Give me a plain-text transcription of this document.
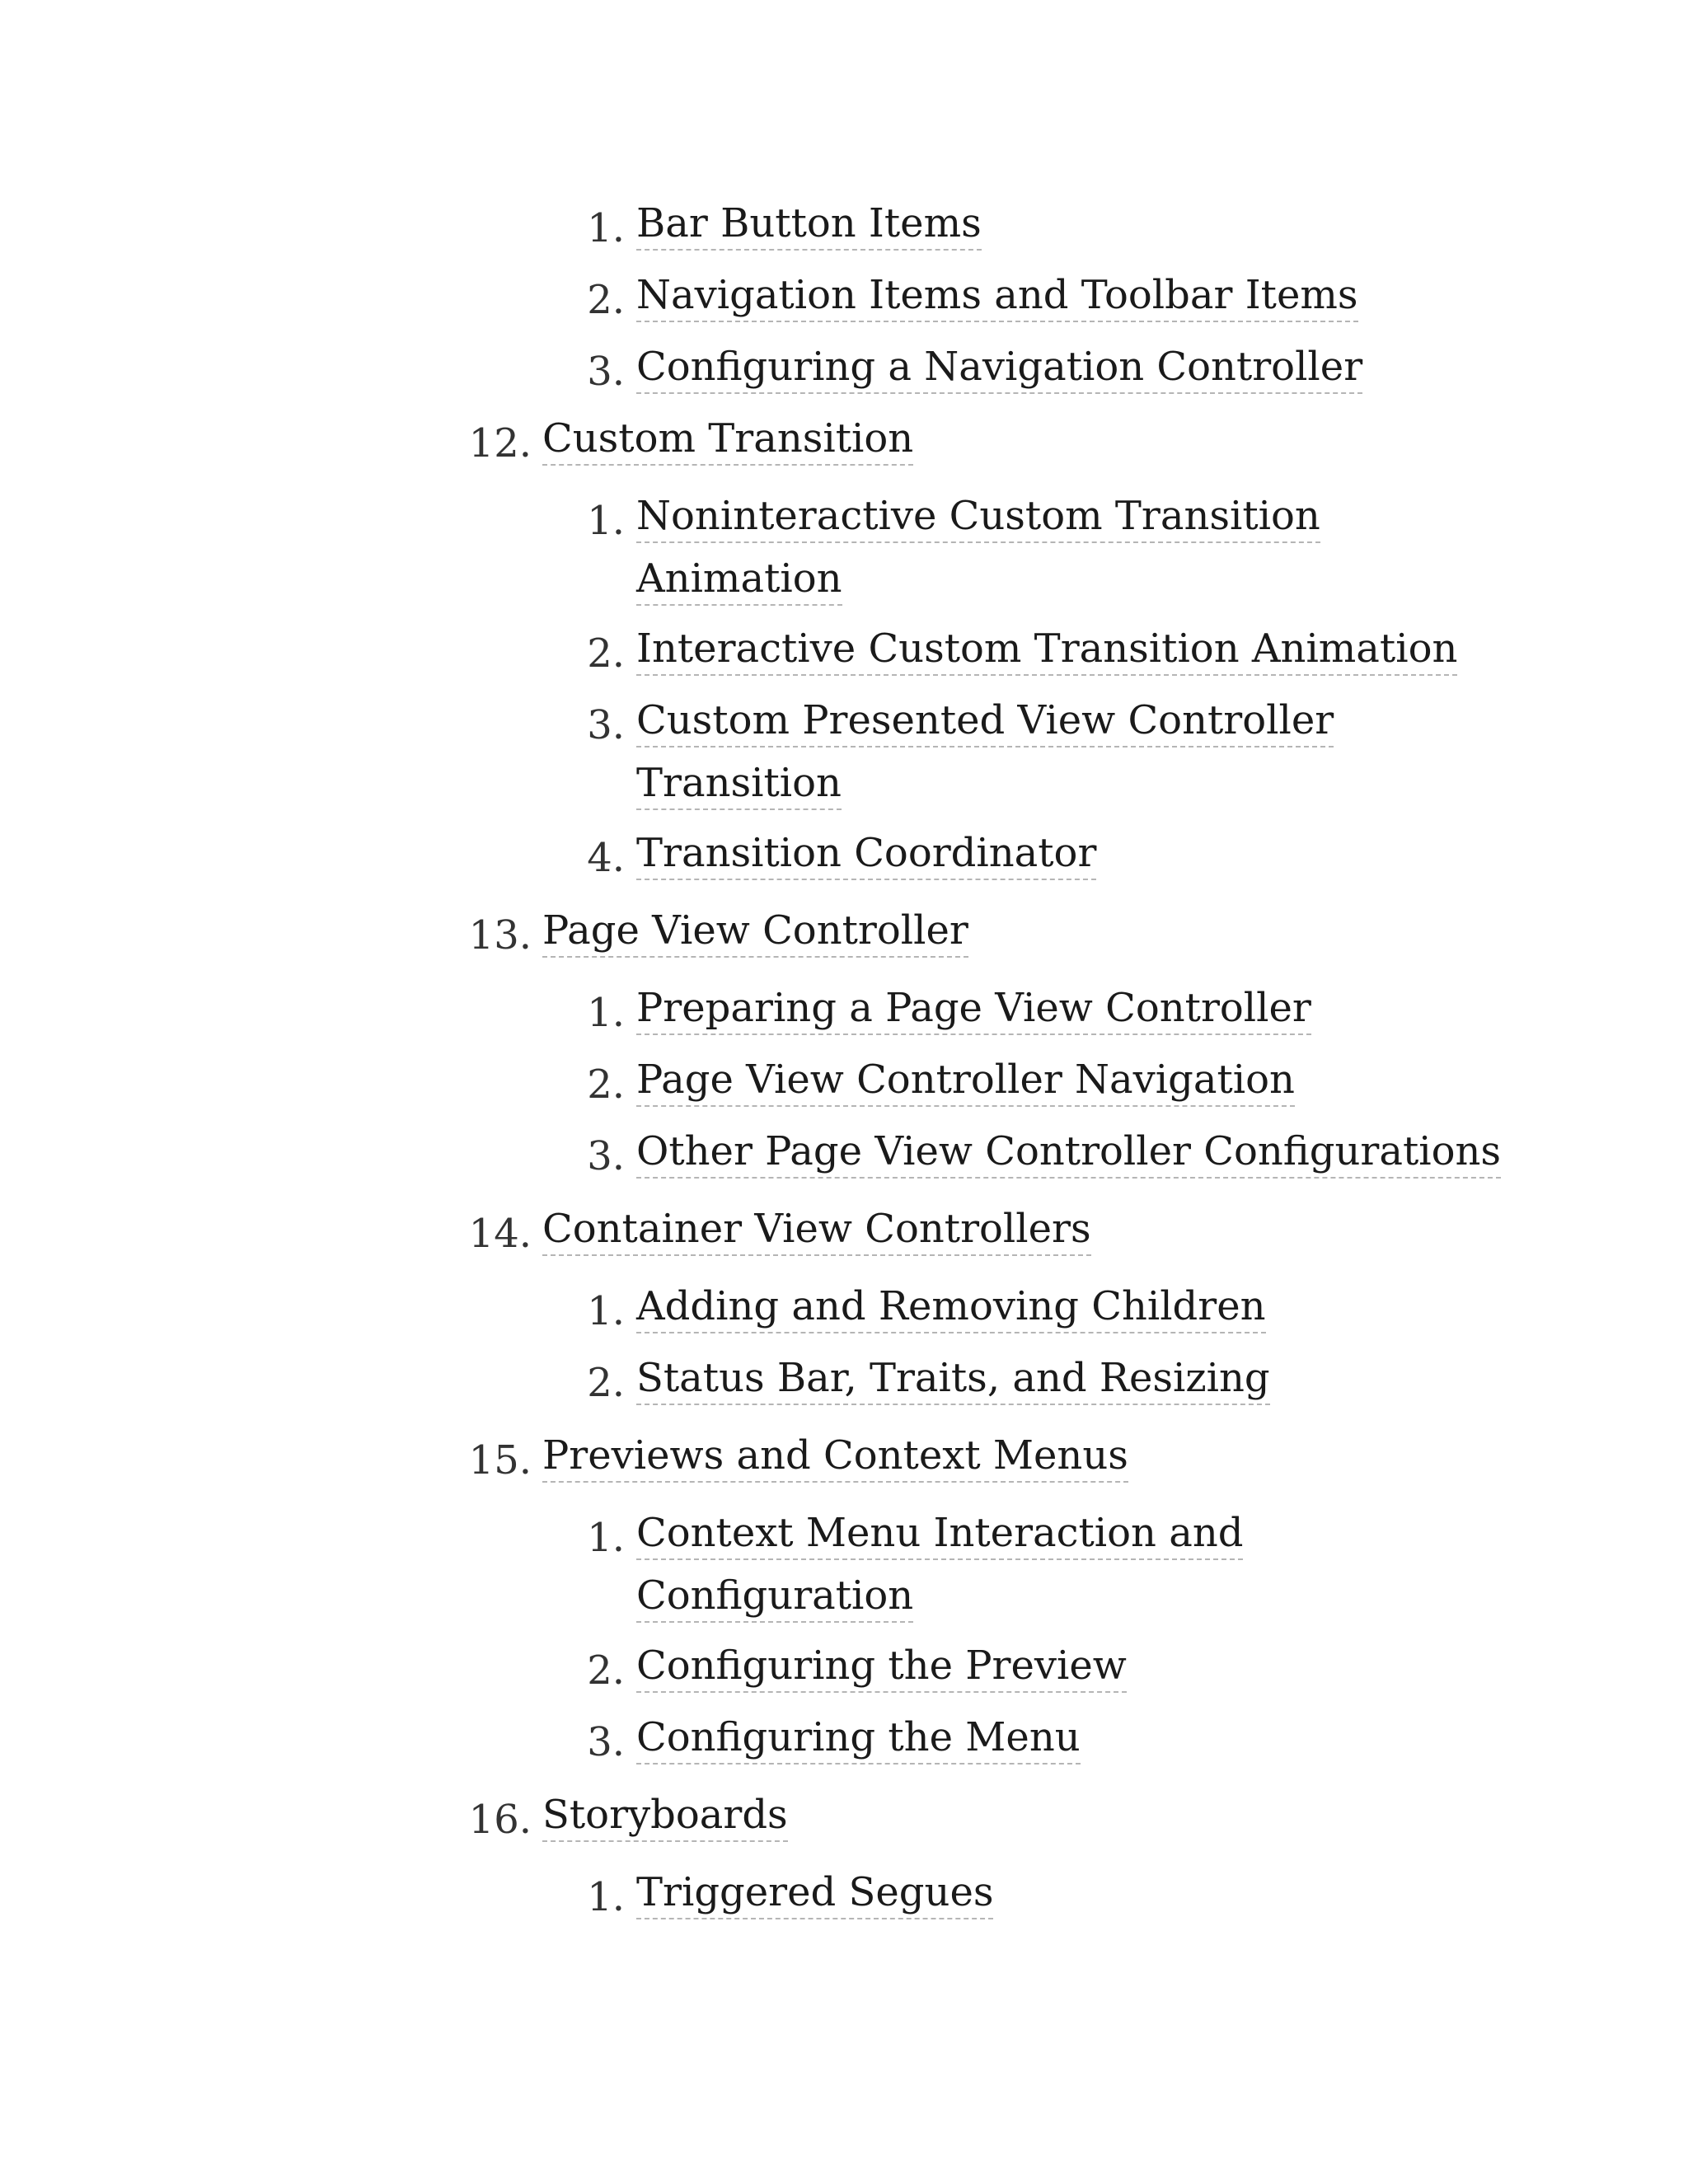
1. Bar Button Items
2. Navigation Items and Toolbar Items
3. Configuring a Navigation Controller
12. Custom Transition
1. Noninteractive Custom Transition
Animation
2. Interactive Custom Transition Animation
3. Custom Presented View Controller
Transition
4. Transition Coordinator
13. Page View Controller
1. Preparing a Page View Controller
2. Page View Controller Navigation
3. Other Page View Controller Configurations
14. Container View Controllers
1. Adding and Removing Children
2. Status Bar, Traits, and Resizing
15. Previews and Context Menus
1. Context Menu Interaction and
Configuration
2. Configuring the Preview
3. Configuring the Menu
16. Storyboards
1. Triggered Segues
